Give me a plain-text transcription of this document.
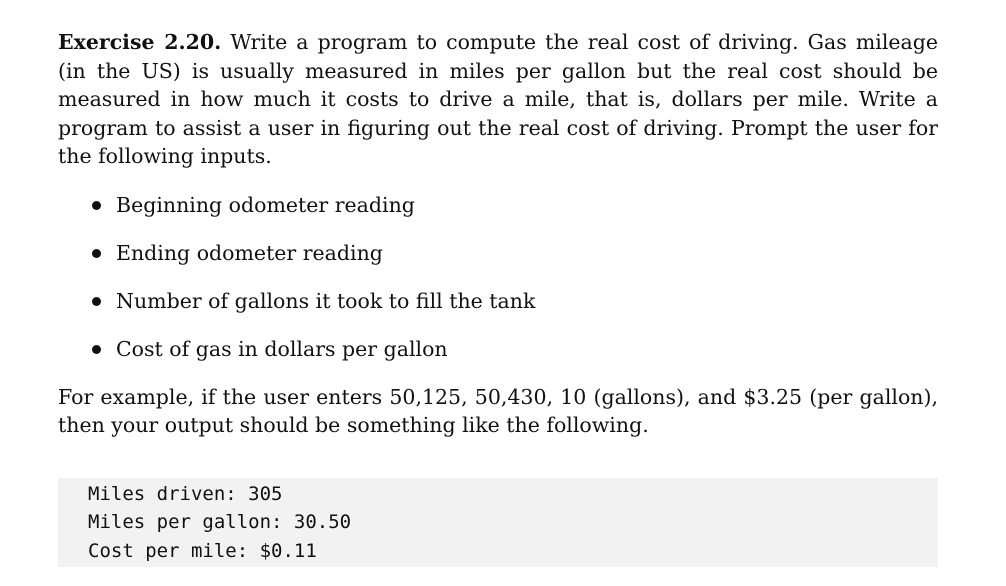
Exercise 2.20. Write a program to compute the real cost of driving. Gas mileage (in the US) is usually measured in miles per gallon but the real cost should be measured in how much it costs to drive a mile, that is, dollars per mile. Write a program to assist a user in figuring out the real cost of driving. Prompt the user for the following inputs.

Beginning odometer reading
Ending odometer reading
Number of gallons it took to fill the tank
Cost of gas in dollars per gallon

For example, if the user enters 50,125, 50,430, 10 (gallons), and $3.25 (per gallon), then your output should be something like the following.

Miles driven: 305
Miles per gallon: 30.50
Cost per mile: $0.11
